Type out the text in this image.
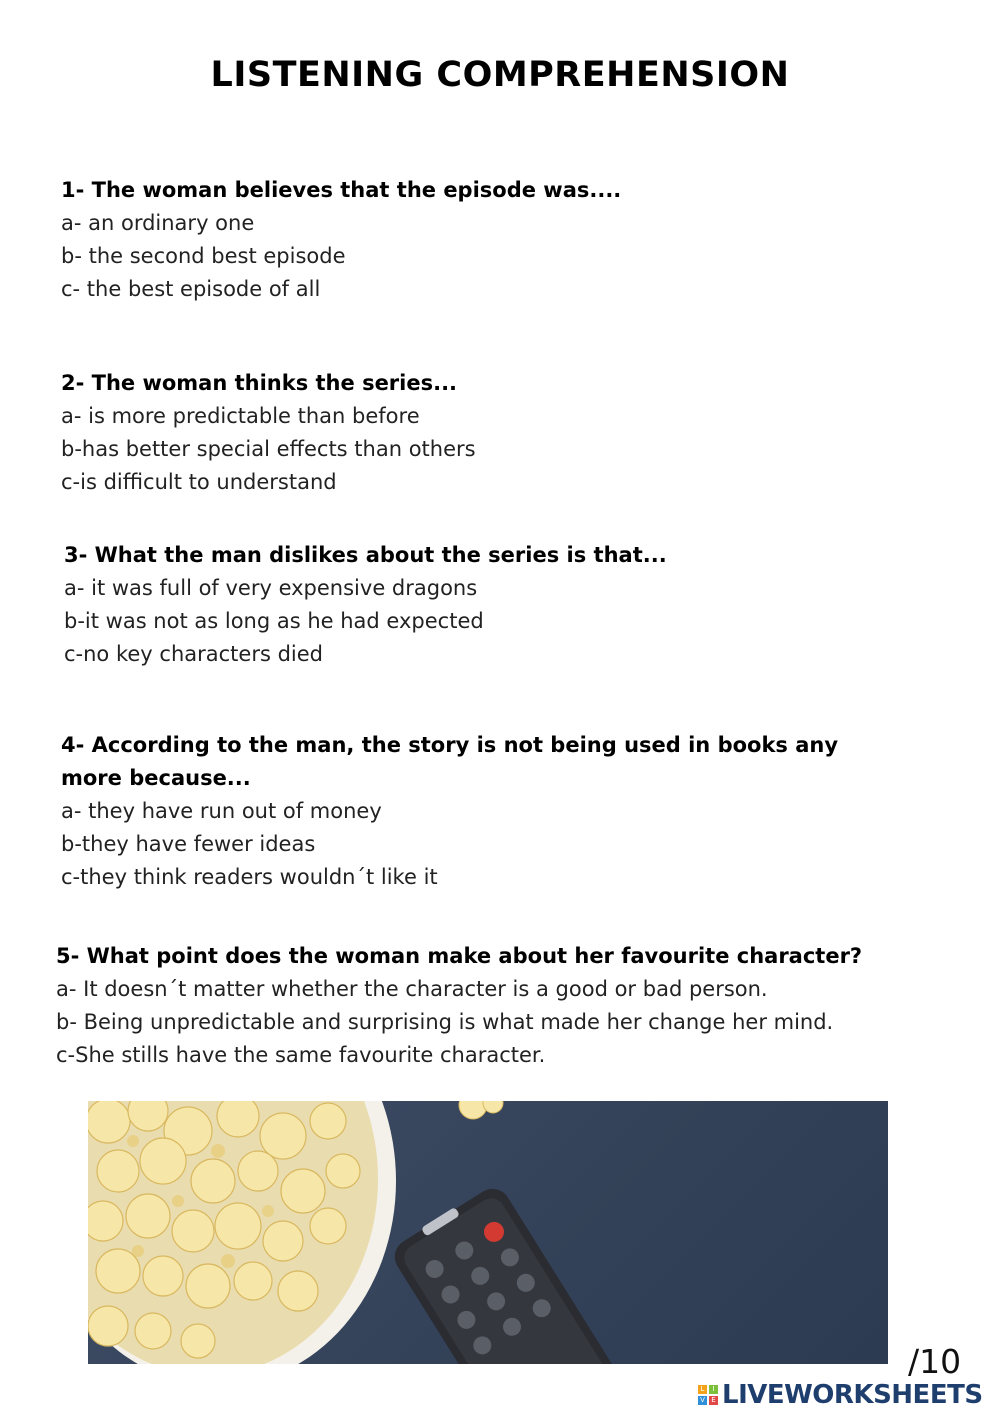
LISTENING COMPREHENSION
1- The woman believes that the episode was....
a- an ordinary one
b- the second best episode
c- the best episode of all
2- The woman thinks the series...
a- is more predictable than before
b-has better special effects than others
c-is difficult to understand
3- What the man dislikes about the series is that...
a- it was full of very expensive dragons
b-it was not as long as he had expected
c-no key characters died
4- According to the man, the story is not being used in books any more because...
a- they have run out of money
b-they have fewer ideas
c-they think readers wouldn´t like it
5- What point does the woman make about her favourite character?
a- It doesn´t matter whether the character is a good or bad person.
b- Being unpredictable and surprising is what made her change her mind.
c-She stills have the same favourite character.
/10
L	I
V E LIVEWORKSHEETS
